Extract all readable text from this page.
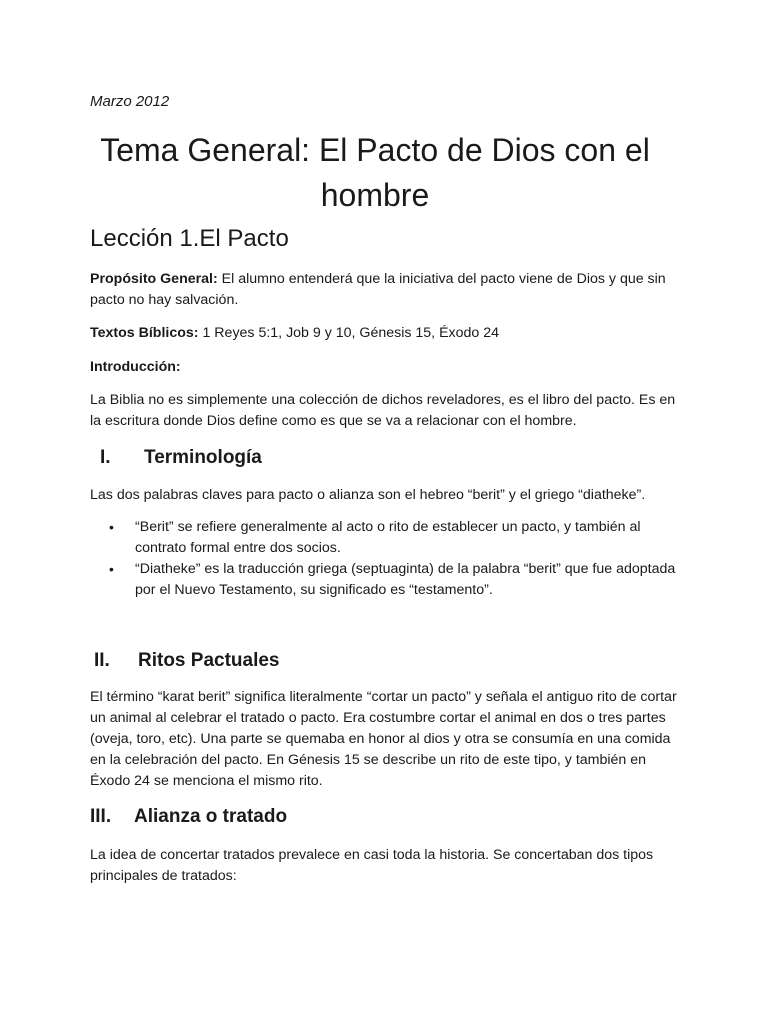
Marzo 2012
Tema General: El Pacto de Dios con el hombre
Lección 1.El Pacto

Propósito General: El alumno entenderá que la iniciativa del pacto viene de Dios y que sin pacto no hay salvación.

Textos Bíblicos: 1 Reyes 5:1, Job 9 y 10, Génesis 15, Éxodo 24

Introducción:

La Biblia no es simplemente una colección de dichos reveladores, es el libro del pacto. Es en la escritura donde Dios define como es que se va a relacionar con el hombre.

I.	Terminología

Las dos palabras claves para pacto o alianza son el hebreo “berit” y el griego “diatheke”.

• “Berit” se refiere generalmente al acto o rito de establecer un pacto, y también al contrato formal entre dos socios.
• “Diatheke” es la traducción griega (septuaginta) de la palabra “berit” que fue adoptada por el Nuevo Testamento, su significado es “testamento”.
II.	Ritos Pactuales

El término “karat berit” significa literalmente “cortar un pacto” y señala el antiguo rito de cortar un animal al celebrar el tratado o pacto. Era costumbre cortar el animal en dos o tres partes (oveja, toro, etc). Una parte se quemaba en honor al dios y otra se consumía en una comida en la celebración del pacto. En Génesis 15 se describe un rito de este tipo, y también en Éxodo 24 se menciona el mismo rito.

III.	Alianza o tratado

La idea de concertar tratados prevalece en casi toda la historia. Se concertaban dos tipos principales de tratados:
